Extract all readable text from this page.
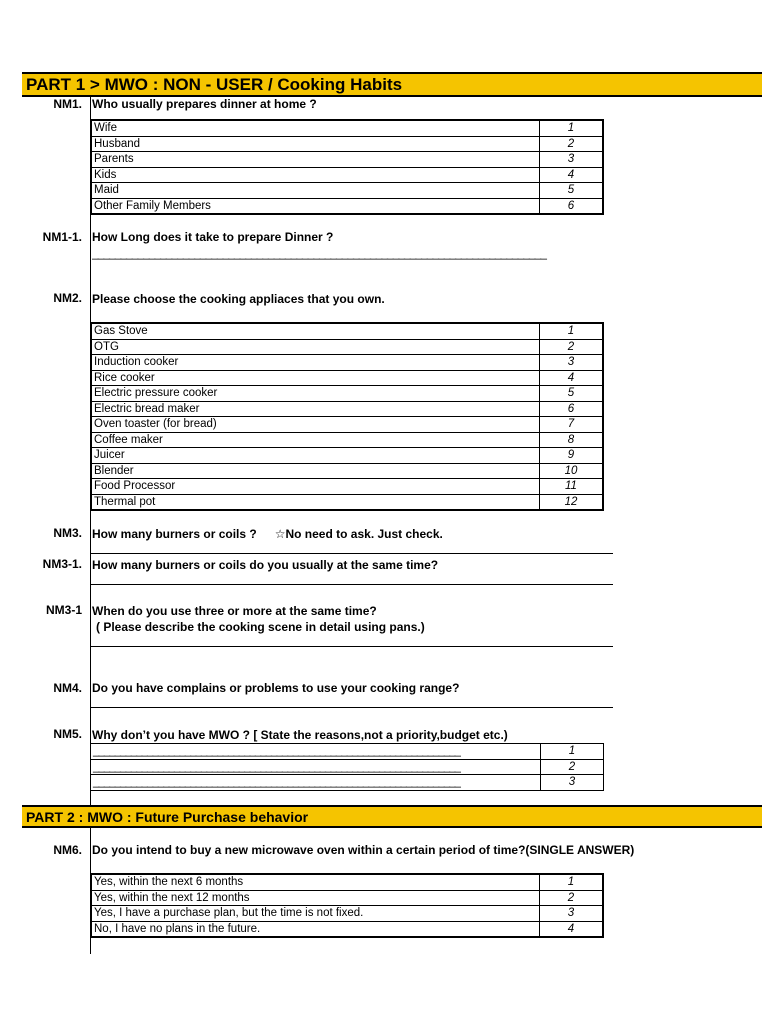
PART 1 > MWO : NON - USER / Cooking Habits
NM1. Who usually prepares dinner at home ?
Wife	1
Husband	2
Parents	3
Kids	4
Maid	5
Other Family Members	6
NM1-1. How Long does it take to prepare Dinner ?
________________________________________________________________________________
NM2. Please choose the cooking appliaces that you own.
Gas Stove	1
OTG	2
Induction cooker	3
Rice cooker	4
Electric pressure cooker	5
Electric bread maker	6
Oven toaster (for bread)	7
Coffee maker	8
Juicer	9
Blender	10
Food Processor	11
Thermal pot	12
NM3. How many burners or coils ? ☆No need to ask. Just check.
NM3-1. How many burners or coils do you usually at the same time?
NM3-1 When do you use three or more at the same time?
( Please describe the cooking scene in detail using pans.)
NM4. Do you have complains or problems to use your cooking range?
NM5. Why don’t you have MWO ? [ State the reasons,not a priority,budget etc.)
____________________________________________________________________	1
____________________________________________________________________	2
____________________________________________________________________	3
PART 2 : MWO : Future Purchase behavior
NM6. Do you intend to buy a new microwave oven within a certain period of time?(SINGLE ANSWER)
Yes, within the next 6 months	1
Yes, within the next 12 months	2
Yes, I have a purchase plan, but the time is not fixed.	3
No, I have no plans in the future.	4
